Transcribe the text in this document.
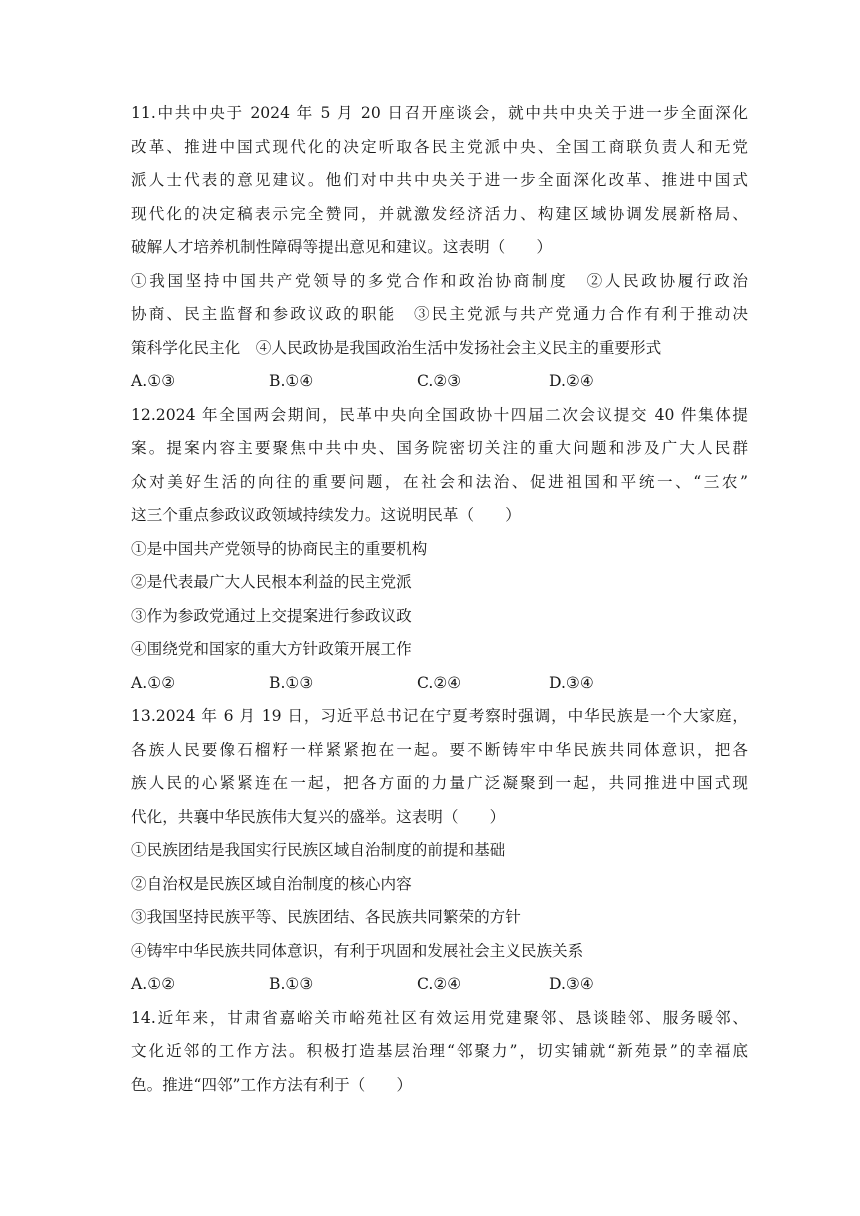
11.中共中央于 2024 年 5 月 20 日召开座谈会，就中共中央关于进一步全面深化
改革、推进中国式现代化的决定听取各民主党派中央、全国工商联负责人和无党
派人士代表的意见建议。他们对中共中央关于进一步全面深化改革、推进中国式
现代化的决定稿表示完全赞同，并就激发经济活力、构建区域协调发展新格局、
破解人才培养机制性障碍等提出意见和建议。这表明（　　）
①我国坚持中国共产党领导的多党合作和政治协商制度　②人民政协履行政治
协商、民主监督和参政议政的职能　③民主党派与共产党通力合作有利于推动决
策科学化民主化　④人民政协是我国政治生活中发扬社会主义民主的重要形式
A.①③	B.①④	C.②③	D.②④
12.2024 年全国两会期间，民革中央向全国政协十四届二次会议提交 40 件集体提
案。提案内容主要聚焦中共中央、国务院密切关注的重大问题和涉及广大人民群
众对美好生活的向往的重要问题，在社会和法治、促进祖国和平统一、“三农”
这三个重点参政议政领域持续发力。这说明民革（　　）
①是中国共产党领导的协商民主的重要机构
②是代表最广大人民根本利益的民主党派
③作为参政党通过上交提案进行参政议政
④围绕党和国家的重大方针政策开展工作
A.①②	B.①③	C.②④	D.③④
13.2024 年 6 月 19 日，习近平总书记在宁夏考察时强调，中华民族是一个大家庭，
各族人民要像石榴籽一样紧紧抱在一起。要不断铸牢中华民族共同体意识，把各
族人民的心紧紧连在一起，把各方面的力量广泛凝聚到一起，共同推进中国式现
代化，共襄中华民族伟大复兴的盛举。这表明（　　）
①民族团结是我国实行民族区域自治制度的前提和基础
②自治权是民族区域自治制度的核心内容
③我国坚持民族平等、民族团结、各民族共同繁荣的方针
④铸牢中华民族共同体意识，有利于巩固和发展社会主义民族关系
A.①②	B.①③	C.②④	D.③④
14.近年来，甘肃省嘉峪关市峪苑社区有效运用党建聚邻、恳谈睦邻、服务暖邻、
文化近邻的工作方法。积极打造基层治理“邻聚力”，切实铺就“新苑景”的幸福底
色。推进“四邻”工作方法有利于（　　）
